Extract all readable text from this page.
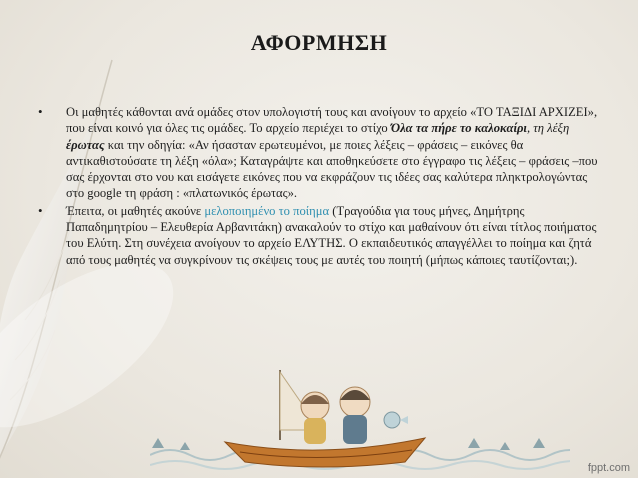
ΑΦΟΡΜΗΣΗ
• Οι μαθητές κάθονται ανά ομάδες στον υπολογιστή τους και ανοίγουν το αρχείο «ΤΟ ΤΑΞΙΔΙ ΑΡΧΙΖΕΙ», που είναι κοινό για όλες τις ομάδες. Το αρχείο περιέχει το στίχο Όλα τα πήρε το καλοκαίρι, τη λέξη έρωτας και την οδηγία: «Αν ήσασταν ερωτευμένοι, με ποιες λέξεις – φράσεις – εικόνες θα αντικαθιστούσατε τη λέξη «όλα»; Καταγράψτε και αποθηκεύσετε στο έγγραφο τις λέξεις – φράσεις –που σας έρχονται στο νου και εισάγετε εικόνες που να εκφράζουν τις ιδέες σας καλύτερα πληκτρολογώντας στο google τη φράση : «πλατωνικός έρωτας».
• Έπειτα, οι μαθητές ακούνε μελοποιημένο το ποίημα (Τραγούδια για τους μήνες, Δημήτρης Παπαδημητρίου – Ελευθερία Αρβανιτάκη) ανακαλούν το στίχο και μαθαίνουν ότι είναι τίτλος ποιήματος του Ελύτη. Στη συνέχεια ανοίγουν το αρχείο ΕΛΥΤΗΣ. Ο εκπαιδευτικός απαγγέλλει το ποίημα και ζητά από τους μαθητές να συγκρίνουν τις σκέψεις τους με αυτές του ποιητή (μήπως κάποιες ταυτίζονται;).
fppt.com
